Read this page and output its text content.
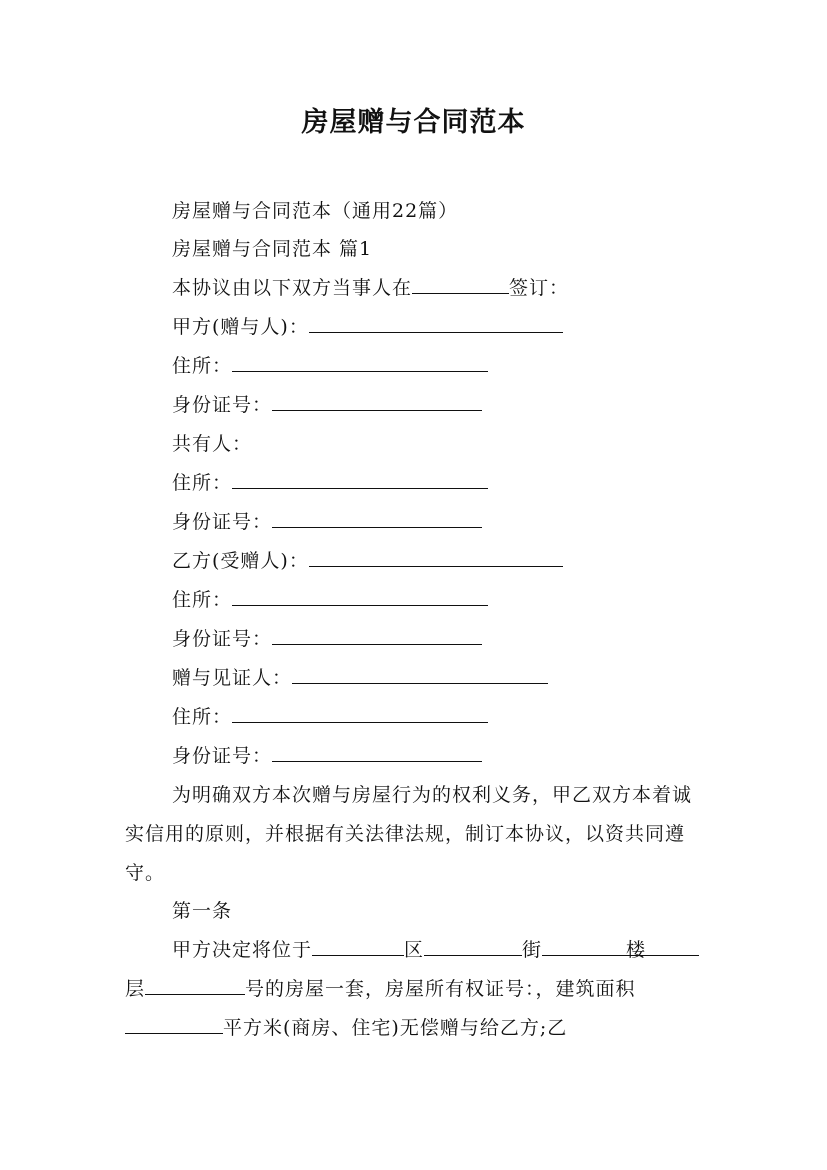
房屋赠与合同范本
房屋赠与合同范本（通用22篇）
房屋赠与合同范本 篇1
本协议由以下双方当事人在	签订：
甲方(赠与人)：
住所：
身份证号：
共有人：
住所：
身份证号：
乙方(受赠人)：
住所：
身份证号：
赠与见证人：
住所：
身份证号：
为明确双方本次赠与房屋行为的权利义务，甲乙双方本着诚实信用的原则，并根据有关法律法规，制订本协议，以资共同遵守。
第一条
甲方决定将位于	区	街	楼层	号的房屋一套，房屋所有权证号：，建筑面积平方米(商房、住宅)无偿赠与给乙方;乙
